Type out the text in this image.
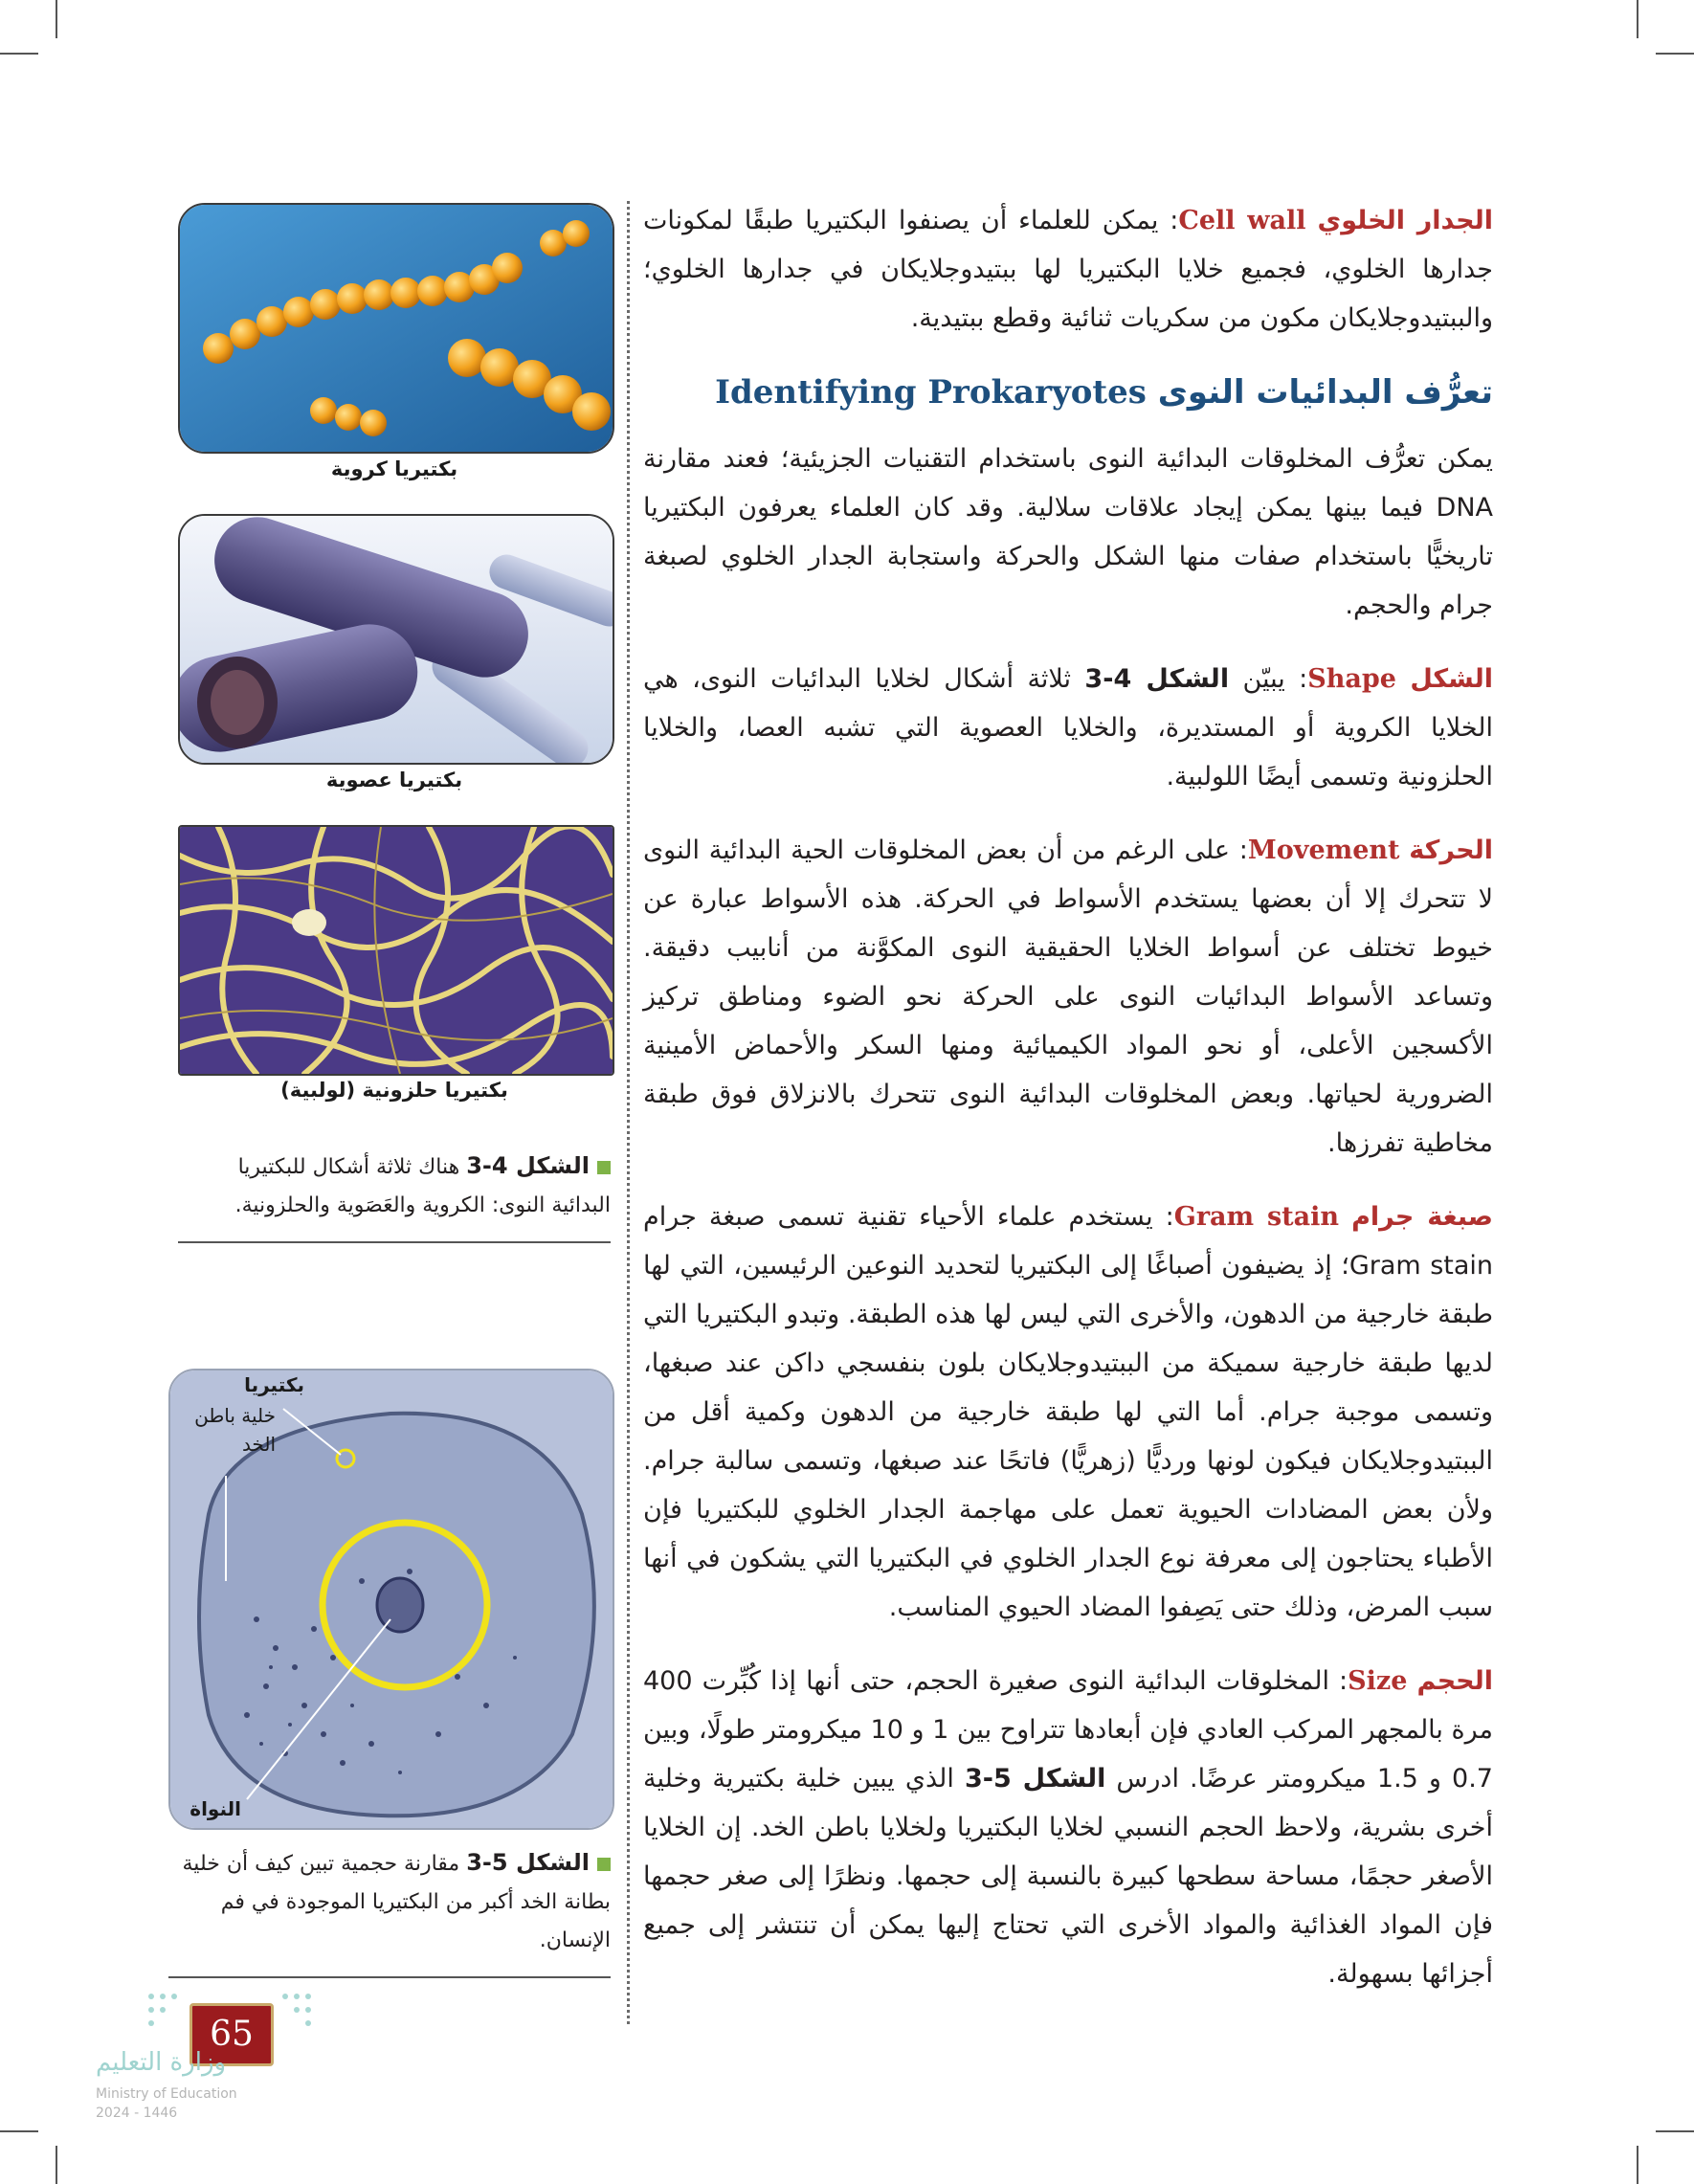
الجدار الخلوي Cell wall: يمكن للعلماء أن يصنفوا البكتيريا طبقًا لمكونات جدارها الخلوي، فجميع خلايا البكتيريا لها ببتيدوجلايكان في جدارها الخلوي؛ والببتيدوجلايكان مكون من سكريات ثنائية وقطع ببتيدية.

تعرُّف البدائيات النوى Identifying Prokaryotes

يمكن تعرُّف المخلوقات البدائية النوى باستخدام التقنيات الجزيئية؛ فعند مقارنة DNA فيما بينها يمكن إيجاد علاقات سلالية. وقد كان العلماء يعرفون البكتيريا تاريخيًّا باستخدام صفات منها الشكل والحركة واستجابة الجدار الخلوي لصبغة جرام والحجم.

الشكل Shape: يبيّن الشكل 4-3 ثلاثة أشكال لخلايا البدائيات النوى، هي الخلايا الكروية أو المستديرة، والخلايا العصوية التي تشبه العصا، والخلايا الحلزونية وتسمى أيضًا اللولبية.

الحركة Movement: على الرغم من أن بعض المخلوقات الحية البدائية النوى لا تتحرك إلا أن بعضها يستخدم الأسواط في الحركة. هذه الأسواط عبارة عن خيوط تختلف عن أسواط الخلايا الحقيقية النوى المكوَّنة من أنابيب دقيقة. وتساعد الأسواط البدائيات النوى على الحركة نحو الضوء ومناطق تركيز الأكسجين الأعلى، أو نحو المواد الكيميائية ومنها السكر والأحماض الأمينية الضرورية لحياتها. وبعض المخلوقات البدائية النوى تتحرك بالانزلاق فوق طبقة مخاطية تفرزها.

صبغة جرام Gram stain: يستخدم علماء الأحياء تقنية تسمى صبغة جرام Gram stain؛ إذ يضيفون أصباغًا إلى البكتيريا لتحديد النوعين الرئيسين، التي لها طبقة خارجية من الدهون، والأخرى التي ليس لها هذه الطبقة. وتبدو البكتيريا التي لديها طبقة خارجية سميكة من الببتيدوجلايكان بلون بنفسجي داكن عند صبغها، وتسمى موجبة جرام. أما التي لها طبقة خارجية من الدهون وكمية أقل من الببتيدوجلايكان فيكون لونها ورديًّا (زهريًّا) فاتحًا عند صبغها، وتسمى سالبة جرام. ولأن بعض المضادات الحيوية تعمل على مهاجمة الجدار الخلوي للبكتيريا فإن الأطباء يحتاجون إلى معرفة نوع الجدار الخلوي في البكتيريا التي يشكون في أنها سبب المرض، وذلك حتى يَصِفوا المضاد الحيوي المناسب.

الحجم Size: المخلوقات البدائية النوى صغيرة الحجم، حتى أنها إذا كُبِّرت 400 مرة بالمجهر المركب العادي فإن أبعادها تتراوح بين 1 و 10 ميكرومتر طولًا، وبين 0.7 و 1.5 ميكرومتر عرضًا. ادرس الشكل 5-3 الذي يبين خلية بكتيرية وخلية أخرى بشرية، ولاحظ الحجم النسبي لخلايا البكتيريا ولخلايا باطن الخد. إن الخلايا الأصغر حجمًا، مساحة سطحها كبيرة بالنسبة إلى حجمها. ونظرًا إلى صغر حجمها فإن المواد الغذائية والمواد الأخرى التي تحتاج إليها يمكن أن تنتشر إلى جميع أجزائها بسهولة.

بكتيريا كروية
بكتيريا عصوية
بكتيريا حلزونية (لولبية)
الشكل 4-3 هناك ثلاثة أشكال للبكتيريا البدائية النوى: الكروية والعَصَوية والحلزونية.
بكتيريا
خلية باطن الخد
النواة
الشكل 5-3 مقارنة حجمية تبين كيف أن خلية بطانة الخد أكبر من البكتيريا الموجودة في فم الإنسان.
65
وزارة التعليم
Ministry of Education
2024 - 1446
